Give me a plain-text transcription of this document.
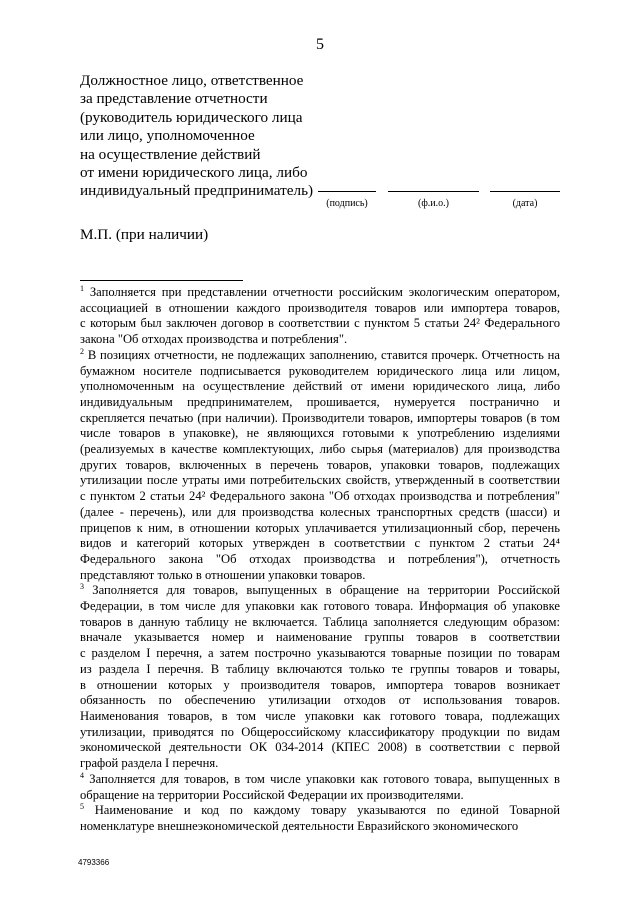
5
Должностное лицо, ответственное
за представление отчетности
(руководитель юридического лица
или лицо, уполномоченное
на осуществление действий
от имени юридического лица, либо
индивидуальный предприниматель)
(подпись)	(ф.и.о.)	(дата)
М.П. (при наличии)
$^1$ Заполняется при представлении отчетности российским экологическим оператором,
ассоциацией в отношении каждого производителя товаров или импортера товаров,
с которым был заключен договор в соответствии с пунктом 5 статьи 24² Федерального
закона "Об отходах производства и потребления".
$^2$ В позициях отчетности, не подлежащих заполнению, ставится прочерк. Отчетность на
бумажном носителе подписывается руководителем юридического лица или лицом,
уполномоченным на осуществление действий от имени юридического лица, либо
индивидуальным предпринимателем, прошивается, нумеруется постранично и
скрепляется печатью (при наличии). Производители товаров, импортеры товаров (в том
числе товаров в упаковке), не являющихся готовыми к употреблению изделиями
(реализуемых в качестве комплектующих, либо сырья (материалов) для производства
других товаров, включенных в перечень товаров, упаковки товаров, подлежащих
утилизации после утраты ими потребительских свойств, утвержденный в соответствии
с пунктом 2 статьи 24² Федерального закона "Об отходах производства и потребления"
(далее - перечень), или для производства колесных транспортных средств (шасси) и
прицепов к ним, в отношении которых уплачивается утилизационный сбор, перечень
видов и категорий которых утвержден в соответствии с пунктом 2 статьи 24⁴
Федерального закона "Об отходах производства и потребления"), отчетность
представляют только в отношении упаковки товаров.
$^3$ Заполняется для товаров, выпущенных в обращение на территории Российской
Федерации, в том числе для упаковки как готового товара. Информация об упаковке
товаров в данную таблицу не включается. Таблица заполняется следующим образом:
вначале указывается номер и наименование группы товаров в соответствии
с разделом I перечня, а затем построчно указываются товарные позиции по товарам
из раздела I перечня. В таблицу включаются только те группы товаров и товары,
в отношении которых у производителя товаров, импортера товаров возникает
обязанность по обеспечению утилизации отходов от использования товаров.
Наименования товаров, в том числе упаковки как готового товара, подлежащих
утилизации, приводятся по Общероссийскому классификатору продукции по видам
экономической деятельности ОК 034-2014 (КПЕС 2008) в соответствии с первой
графой раздела I перечня.
$^4$ Заполняется для товаров, в том числе упаковки как готового товара, выпущенных в
обращение на территории Российской Федерации их производителями.
$^5$ Наименование и код по каждому товару указываются по единой Товарной
номенклатуре внешнеэкономической деятельности Евразийского экономического
4793366
